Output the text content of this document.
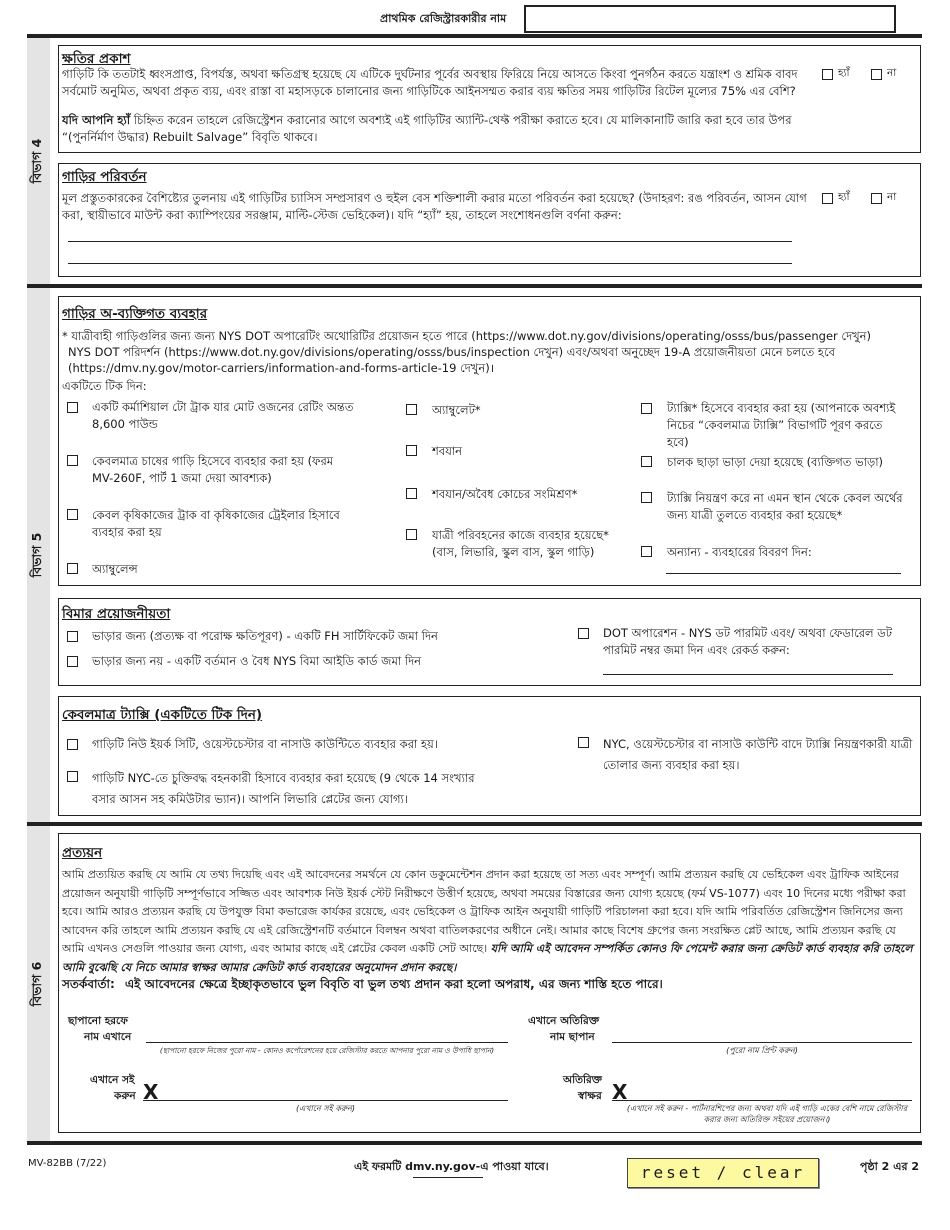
প্রাথমিক রেজিস্ট্রারকারীর নাম
বিভাগ 4
বিভাগ 5
বিভাগ 6
ক্ষতির প্রকাশ
গাড়িটি কি ততটাই ধ্বংসপ্রাপ্ত, বিপর্যস্ত, অথবা ক্ষতিগ্রস্থ হয়েছে যে এটিকে দুর্ঘটনার পূর্বের অবস্থায় ফিরিয়ে নিয়ে আসতে কিংবা পুনর্গঠন করতে যন্ত্রাংশ ও শ্রমিক বাবদ সর্বমোট অনুমিত, অথবা প্রকৃত ব্যয়, এবং রাস্তা বা মহাসড়কে চালানোর জন্য গাড়িটিকে আইনসম্মত করার ব্যয় ক্ষতির সময় গাড়িটির রিটেল মূল্যের 75% এর বেশি?
হ্যাঁ	না
যদি আপনি হ্যাঁ চিহ্নিত করেন তাহলে রেজিস্ট্রেশন করানোর আগে অবশ্যই এই গাড়িটির অ্যান্টি-থেফ্ট পরীক্ষা করাতে হবে। যে মালিকানাটি জারি করা হবে তার উপর “(পুনর্নির্মাণ উদ্ধার) Rebuilt Salvage” বিবৃতি থাকবে।
গাড়ির পরিবর্তন
মূল প্রস্তুতকারকের বৈশিষ্ট্যের তুলনায় এই গাড়িটির চ্যাসিস সম্প্রসারণ ও হুইল বেস শক্তিশালী করার মতো পরিবর্তন করা হয়েছে? (উদাহরণ: রঙ পরিবর্তন, আসন যোগ করা, স্থায়ীভাবে মাউন্ট করা ক্যাম্পিংয়ের সরঞ্জাম, মাল্টি-স্টেজ ভেহিকেল)। যদি “হ্যাঁ” হয়, তাহলে সংশোধনগুলি বর্ণনা করুন:
হ্যাঁ	না
গাড়ির অ-ব্যক্তিগত ব্যবহার
* যাত্রীবাহী গাড়িগুলির জন্য জন্য NYS DOT অপারেটিং অথোরিটির প্রয়োজন হতে পারে (https://www.dot.ny.gov/divisions/operating/osss/bus/passenger দেখুন)
NYS DOT পরিদর্শন (https://www.dot.ny.gov/divisions/operating/osss/bus/inspection দেখুন) এবং/অথবা অনুচ্ছেদ 19-A প্রয়োজনীয়তা মেনে চলতে হবে
(https://dmv.ny.gov/motor-carriers/information-and-forms-article-19 দেখুন)।
একটিতে টিক দিন:
একটি কর্মাশিয়াল টো ট্রাক যার মোট ওজনের রেটিং অন্তত 8,600 পাউন্ড
কেবলমাত্র চাষের গাড়ি হিসেবে ব্যবহার করা হয় (ফরম MV-260F, পার্ট 1 জমা দেয়া আবশ্যক)
কেবল কৃষিকাজের ট্রাক বা কৃষিকাজের ট্রেইলার হিসাবে ব্যবহার করা হয়
অ্যাম্বুলেন্স
অ্যাম্বুলেট*
শবযান
শবযান/অবৈধ কোচের সংমিশ্রণ*
যাত্রী পরিবহনের কাজে ব্যবহার হয়েছে* (বাস, লিভারি, স্কুল বাস, স্কুল গাড়ি)
ট্যাক্সি* হিসেবে ব্যবহার করা হয় (আপনাকে অবশ্যই নিচের “কেবলমাত্র ট্যাক্সি” বিভাগটি পূরণ করতে হবে)
চালক ছাড়া ভাড়া দেয়া হয়েছে (ব্যক্তিগত ভাড়া)
ট্যাক্সি নিয়ন্ত্রণ করে না এমন স্থান থেকে কেবল অর্থের জন্য যাত্রী তুলতে ব্যবহার করা হয়েছে*
অন্যান্য - ব্যবহারের বিবরণ দিন:
বিমার প্রয়োজনীয়তা
ভাড়ার জন্য (প্রত্যক্ষ বা পরোক্ষ ক্ষতিপূরণ) - একটি FH সার্টিফিকেট জমা দিন
ভাড়ার জন্য নয় - একটি বর্তমান ও বৈধ NYS বিমা আইডি কার্ড জমা দিন
DOT অপারেশন - NYS ডট পারমিট এবং/ অথবা ফেডারেল ডট পারমিট নম্বর জমা দিন এবং রেকর্ড করুন:
কেবলমাত্র ট্যাক্সি (একটিতে টিক দিন)
গাড়িটি নিউ ইয়র্ক সিটি, ওয়েস্টচেস্টার বা নাসাউ কাউন্টিতে ব্যবহার করা হয়।
গাড়িটি NYC-তে চুক্তিবদ্ধ বহনকারী হিসাবে ব্যবহার করা হয়েছে (9 থেকে 14 সংখ্যার বসার আসন সহ কমিউটার ভ্যান)। আপনি লিভারি প্লেটের জন্য যোগ্য।
NYC, ওয়েস্টচেস্টার বা নাসাউ কাউন্টি বাদে ট্যাক্সি নিয়ন্ত্রণকারী যাত্রী তোলার জন্য ব্যবহার করা হয়।
প্রত্যয়ন
আমি প্রত্যয়িত করছি যে আমি যে তথ্য দিয়েছি এবং এই আবেদনের সমর্থনে যে কোন ডকুমেন্টেশন প্রদান করা হয়েছে তা সত্য এবং সম্পূর্ণ। আমি প্রত্যয়ন করছি যে ভেহিকেল এবং ট্রাফিক আইনের প্রয়োজন অনুযায়ী গাড়িটি সম্পূর্ণভাবে সজ্জিত এবং আবশ্যক নিউ ইয়র্ক স্টেট নিরীক্ষণে উত্তীর্ণ হয়েছে, অথবা সময়ের বিস্তারের জন্য যোগ্য হয়েছে (ফর্ম VS-1077) এবং 10 দিনের মধ্যে পরীক্ষা করা হবে। আমি আরও প্রত্যয়ন করছি যে উপযুক্ত বিমা কভারেজ কার্যকর রয়েছে, এবং ভেহিকেল ও ট্রাফিক আইন অনুযায়ী গাড়িটি পরিচালনা করা হবে। যদি আমি পরিবর্তিত রেজিস্ট্রেশন জিনিসের জন্য আবেদন করি তাহলে আমি প্রত্যয়ন করছি যে এই রেজিস্ট্রেশনটি বর্তমানে বিলম্বন অথবা বাতিলকরণের অধীনে নেই। আমার কাছে বিশেষ গ্রুপের জন্য সংরক্ষিত প্লেট আছে, আমি প্রত্যয়ন করছি যে আমি এখনও সেগুলি পাওয়ার জন্য যোগ্য, এবং আমার কাছে এই প্লেটের কেবল একটি সেট আছে। যদি আমি এই আবেদন সম্পর্কিত কোনও ফি পেমেন্ট করার জন্য ক্রেডিট কার্ড ব্যবহার করি তাহলে আমি বুঝেছি যে নিচে আমার স্বাক্ষর আমার ক্রেডিট কার্ড ব্যবহারের অনুমোদন প্রদান করছে।
সতর্কবার্তা: এই আবেদনের ক্ষেত্রে ইচ্ছাকৃতভাবে ভুল বিবৃতি বা ভুল তথ্য প্রদান করা হলো অপরাধ, এর জন্য শাস্তি হতে পারে।
ছাপানো হরফে
নাম এখানে
(ছাপানো হরফে নিজের পুরো নাম - কোনও কর্পোরেশনের হয়ে রেজিস্টার করতে আপনার পুরো নাম ও উপাধি ছাপান)
এখানে অতিরিক্ত
নাম ছাপান
(পুরো নাম প্রিন্ট করুন)
এখানে সই
করুন X
(এখানে সই করুন)
অতিরিক্ত
স্বাক্ষর X
(এখানে সই করুন - পার্টনারশিপের জন্য অথবা যদি এই গাড়ি একের বেশি নামে রেজিস্টার করার জন্য অতিরিক্ত সইয়ের প্রয়োজন।)
MV-82BB (7/22)	এই ফরমটি dmv.ny.gov-এ পাওয়া যাবে।	reset / clear	পৃষ্ঠা 2 এর 2
